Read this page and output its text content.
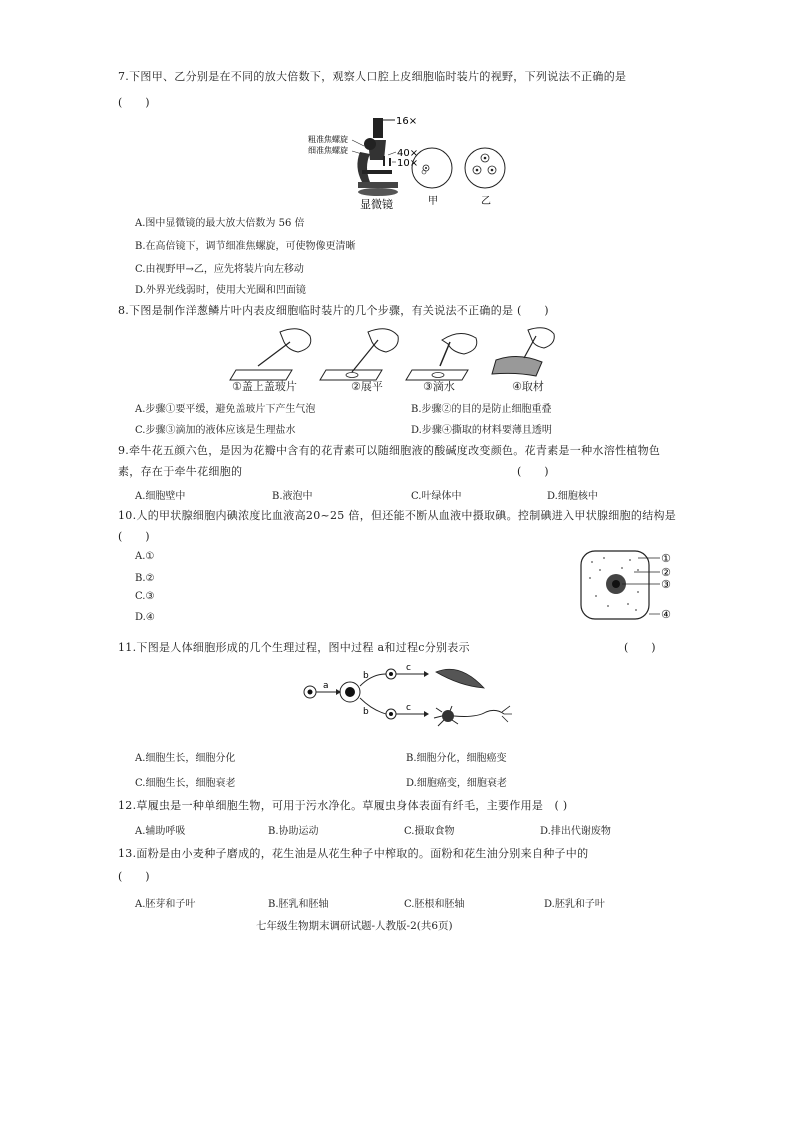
7.下图甲、乙分别是在不同的放大倍数下，观察人口腔上皮细胞临时装片的视野，下列说法不正确的是
(　　)
16×
粗准焦螺旋
细准焦螺旋	40×
10×
显微镜	甲	乙
A.图中显微镜的最大放大倍数为 56 倍
B.在高倍镜下，调节细准焦螺旋，可使物像更清晰
C.由视野甲→乙，应先将装片向左移动
D.外界光线弱时，使用大光圈和凹面镜
8.下图是制作洋葱鳞片叶内表皮细胞临时装片的几个步骤，有关说法不正确的是 (　　)
①盖上盖玻片	②展平	③滴水	④取材
A.步骤①要平缓，避免盖玻片下产生气泡	B.步骤②的目的是防止细胞重叠
C.步骤③滴加的液体应该是生理盐水	D.步骤④撕取的材料要薄且透明
9.牵牛花五颜六色，是因为花瓣中含有的花青素可以随细胞液的酸碱度改变颜色。花青素是一种水溶性植物色
素，存在于牵牛花细胞的	(　　)
A.细胞壁中	B.液泡中	C.叶绿体中	D.细胞核中
10.人的甲状腺细胞内碘浓度比血液高20~25 倍，但还能不断从血液中摄取碘。控制碘进入甲状腺细胞的结构是
(　　)
A.①
B.②
C.③
D.④
①
②
③
④
11.下图是人体细胞形成的几个生理过程，图中过程 a和过程c分别表示	(　　)
a
b
b
c
c
A.细胞生长，细胞分化	B.细胞分化，细胞癌变
C.细胞生长，细胞衰老	D.细胞癌变，细胞衰老
12.草履虫是一种单细胞生物，可用于污水净化。草履虫身体表面有纤毛，主要作用是　( )
A.辅助呼吸	B.协助运动	C.摄取食物	D.排出代谢废物
13.面粉是由小麦种子磨成的，花生油是从花生种子中榨取的。面粉和花生油分别来自种子中的
(　　)
A.胚芽和子叶	B.胚乳和胚轴	C.胚根和胚轴	D.胚乳和子叶
七年级生物期末调研试题-人教版-2(共6页)
